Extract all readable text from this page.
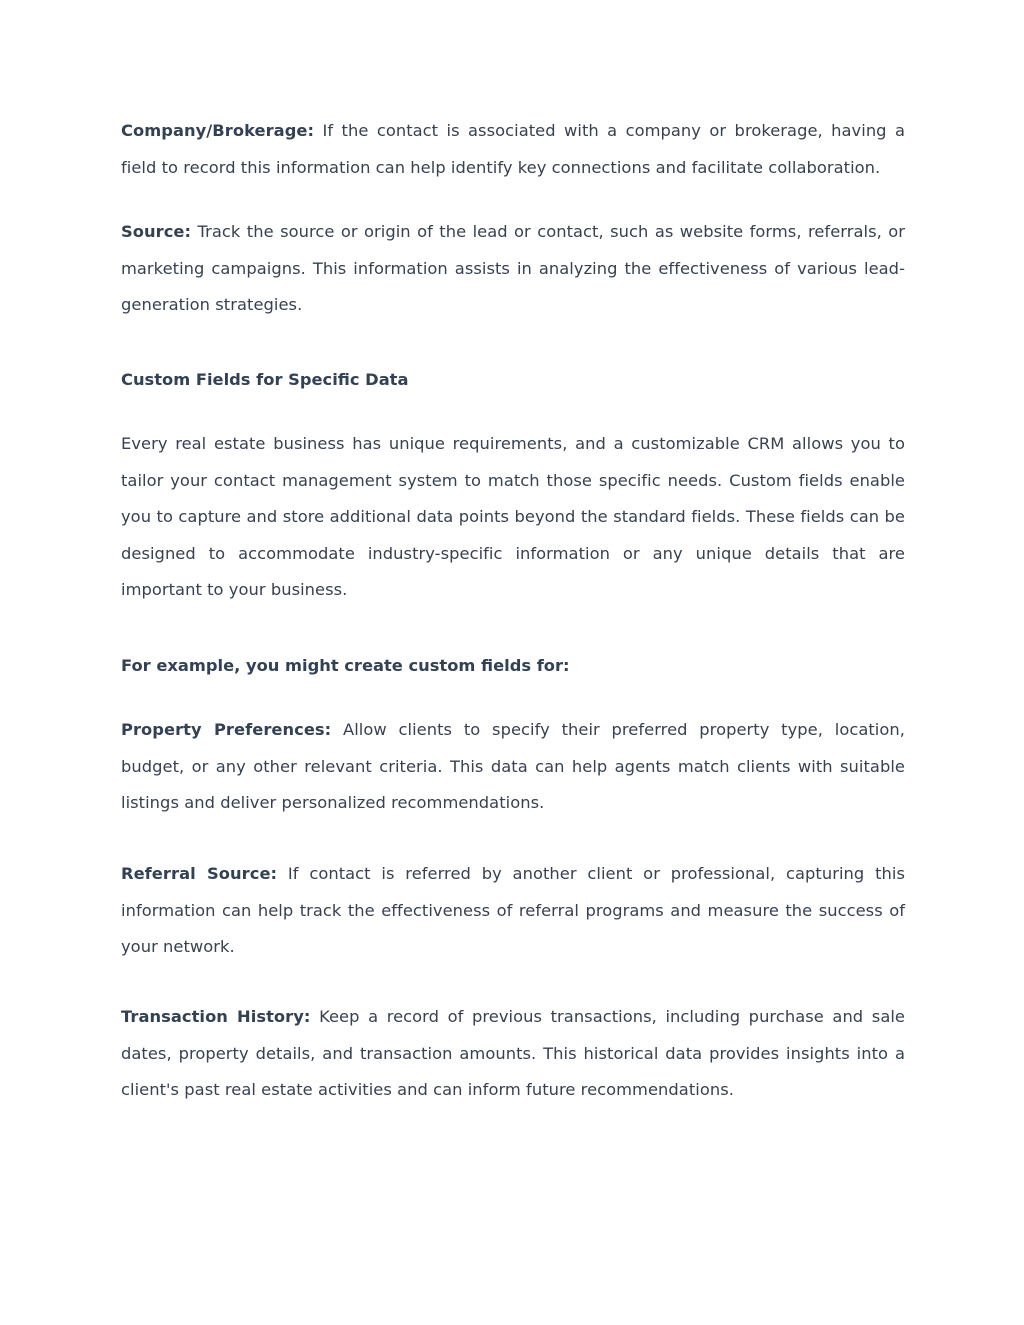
Company/Brokerage: If the contact is associated with a company or brokerage, having a field to record this information can help identify key connections and facilitate collaboration.

Source: Track the source or origin of the lead or contact, such as website forms, referrals, or marketing campaigns. This information assists in analyzing the effectiveness of various lead-generation strategies.

Custom Fields for Specific Data

Every real estate business has unique requirements, and a customizable CRM allows you to tailor your contact management system to match those specific needs. Custom fields enable you to capture and store additional data points beyond the standard fields. These fields can be designed to accommodate industry-specific information or any unique details that are important to your business.

For example, you might create custom fields for:

Property Preferences: Allow clients to specify their preferred property type, location, budget, or any other relevant criteria. This data can help agents match clients with suitable listings and deliver personalized recommendations.

Referral Source: If contact is referred by another client or professional, capturing this information can help track the effectiveness of referral programs and measure the success of your network.

Transaction History: Keep a record of previous transactions, including purchase and sale dates, property details, and transaction amounts. This historical data provides insights into a client's past real estate activities and can inform future recommendations.
